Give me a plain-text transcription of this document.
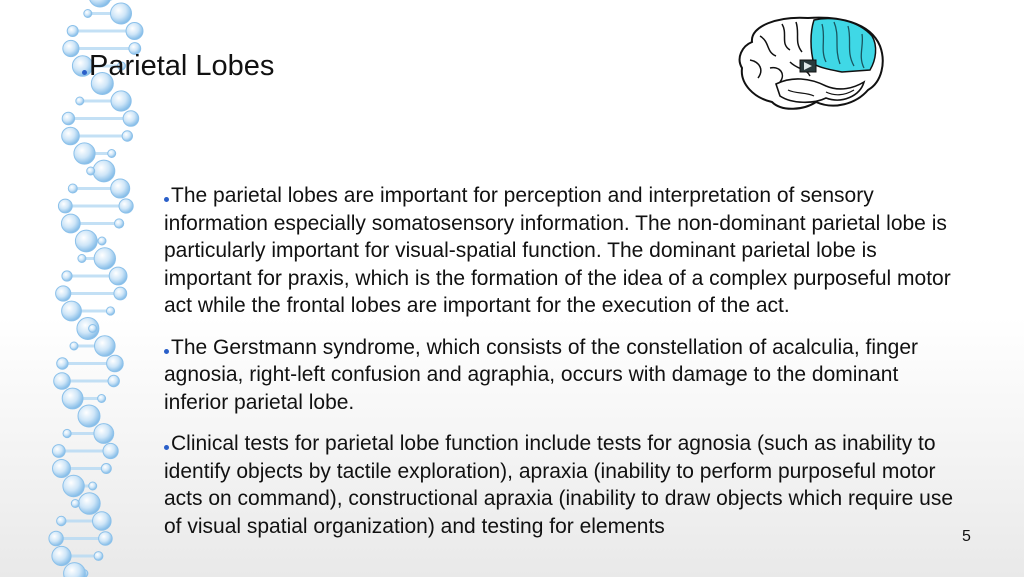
Parietal Lobes

The parietal lobes are important for perception and interpretation of sensory information especially somatosensory information. The non-dominant parietal lobe is particularly important for visual-spatial function. The dominant parietal lobe is important for praxis, which is the formation of the idea of a complex purposeful motor act while the frontal lobes are important for the execution of the act.

The Gerstmann syndrome, which consists of the constellation of acalculia, finger agnosia, right-left confusion and agraphia, occurs with damage to the dominant inferior parietal lobe.

Clinical tests for parietal lobe function include tests for agnosia (such as inability to identify objects by tactile exploration), apraxia (inability to perform purposeful motor acts on command), constructional apraxia (inability to draw objects which require use of visual spatial organization) and testing for elements	5
